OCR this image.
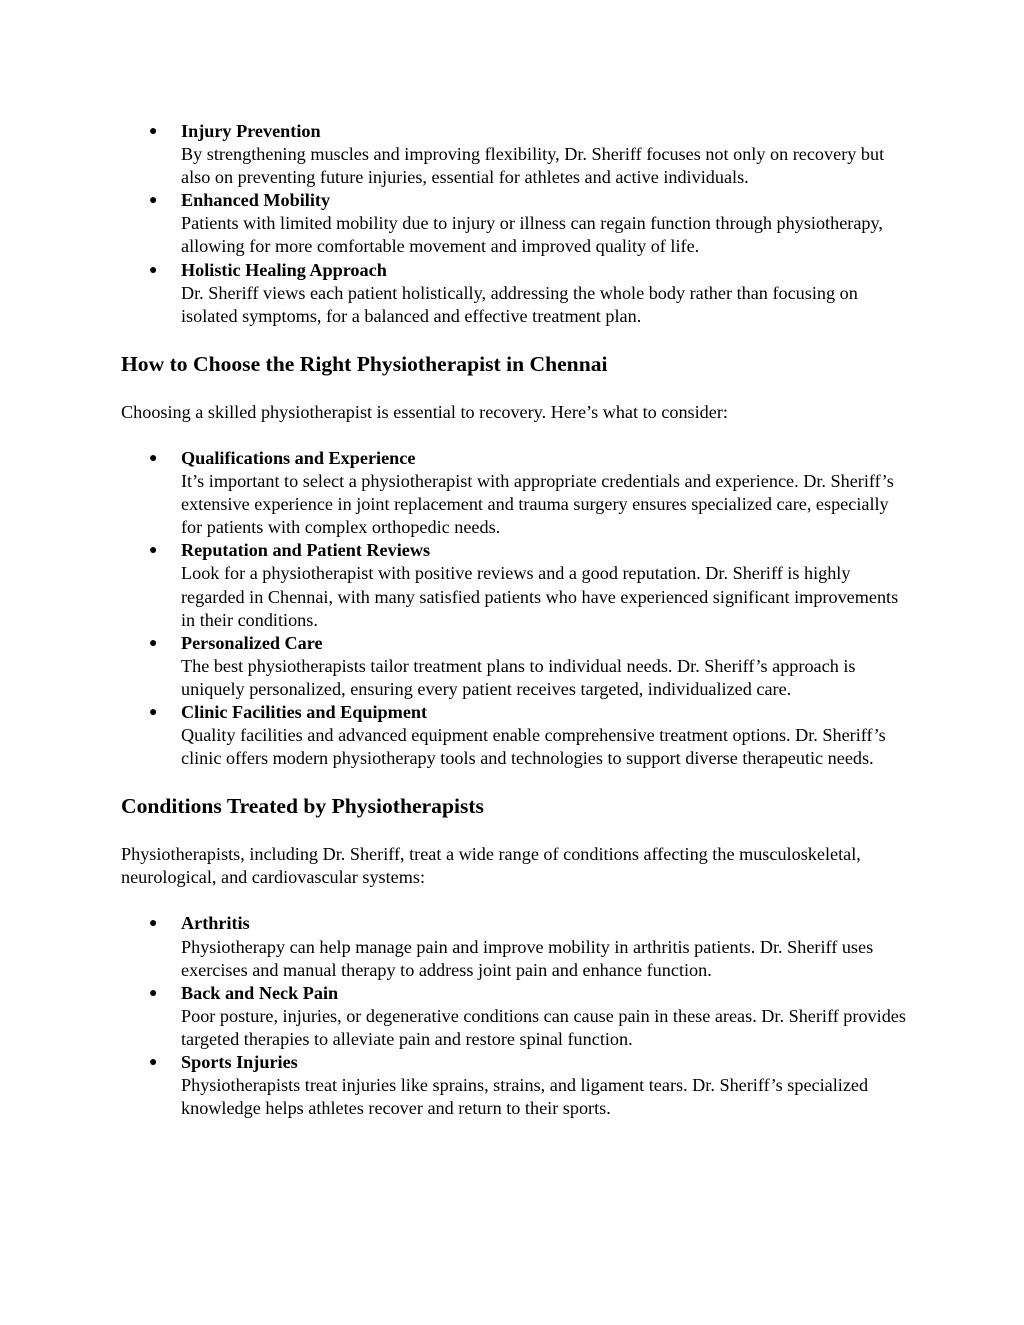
● Injury Prevention
By strengthening muscles and improving flexibility, Dr. Sheriff focuses not only on recovery but also on preventing future injuries, essential for athletes and active individuals.
● Enhanced Mobility
Patients with limited mobility due to injury or illness can regain function through physiotherapy, allowing for more comfortable movement and improved quality of life.
● Holistic Healing Approach
Dr. Sheriff views each patient holistically, addressing the whole body rather than focusing on isolated symptoms, for a balanced and effective treatment plan.
How to Choose the Right Physiotherapist in Chennai

Choosing a skilled physiotherapist is essential to recovery. Here’s what to consider:

● Qualifications and Experience
It’s important to select a physiotherapist with appropriate credentials and experience. Dr. Sheriff’s extensive experience in joint replacement and trauma surgery ensures specialized care, especially for patients with complex orthopedic needs.
● Reputation and Patient Reviews
Look for a physiotherapist with positive reviews and a good reputation. Dr. Sheriff is highly regarded in Chennai, with many satisfied patients who have experienced significant improvements in their conditions.
● Personalized Care
The best physiotherapists tailor treatment plans to individual needs. Dr. Sheriff’s approach is uniquely personalized, ensuring every patient receives targeted, individualized care.
● Clinic Facilities and Equipment
Quality facilities and advanced equipment enable comprehensive treatment options. Dr. Sheriff’s clinic offers modern physiotherapy tools and technologies to support diverse therapeutic needs.
Conditions Treated by Physiotherapists

Physiotherapists, including Dr. Sheriff, treat a wide range of conditions affecting the musculoskeletal, neurological, and cardiovascular systems:

● Arthritis
Physiotherapy can help manage pain and improve mobility in arthritis patients. Dr. Sheriff uses exercises and manual therapy to address joint pain and enhance function.
● Back and Neck Pain
Poor posture, injuries, or degenerative conditions can cause pain in these areas. Dr. Sheriff provides targeted therapies to alleviate pain and restore spinal function.
● Sports Injuries
Physiotherapists treat injuries like sprains, strains, and ligament tears. Dr. Sheriff’s specialized knowledge helps athletes recover and return to their sports.
